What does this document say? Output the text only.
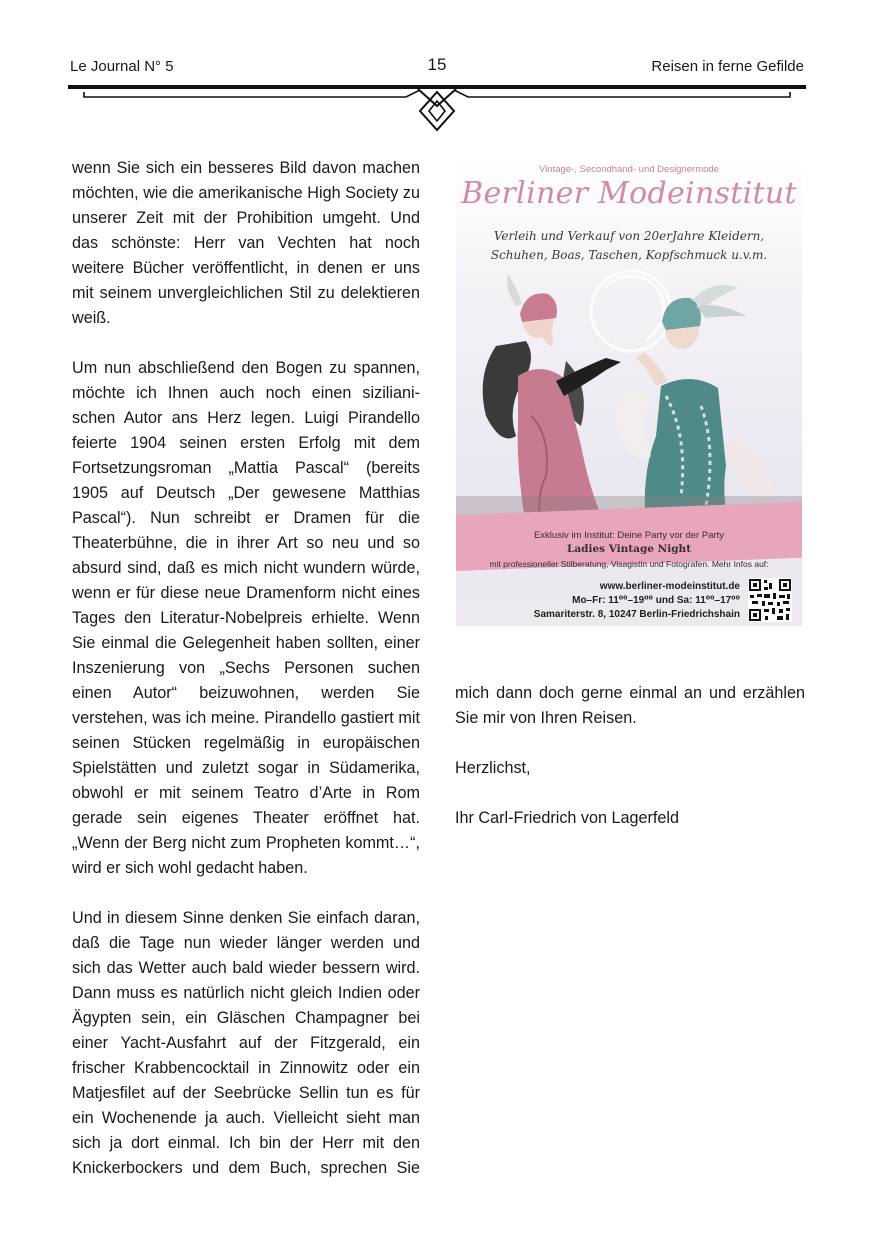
Le Journal N° 5	15	Reisen in ferne Gefilde

wenn Sie sich ein besseres Bild davon machen möchten, wie die amerikanische High Society zu unserer Zeit mit der Prohibition umgeht. Und das schönste: Herr van Vechten hat noch weitere Bücher veröffentlicht, in denen er uns mit seinem unvergleichlichen Stil zu delektieren weiß.

Um nun abschließend den Bogen zu spannen, möchte ich Ihnen auch noch einen siziliani-schen Autor ans Herz legen. Luigi Pirandello feierte 1904 seinen ersten Erfolg mit dem Fortsetzungsroman „Mattia Pascal“ (bereits 1905 auf Deutsch „Der gewesene Matthias Pascal“). Nun schreibt er Dramen für die Theaterbühne, die in ihrer Art so neu und so absurd sind, daß es mich nicht wundern würde, wenn er für diese neue Dramenform nicht eines Tages den Literatur-Nobelpreis erhielte. Wenn Sie einmal die Gelegenheit haben sollten, einer Inszenierung von „Sechs Personen suchen einen Autor“ beizuwohnen, werden Sie verstehen, was ich meine. Pirandello gastiert mit seinen Stücken regelmäßig in europäischen Spielstätten und zuletzt sogar in Südamerika, obwohl er mit seinem Teatro d’Arte in Rom gerade sein eigenes Theater eröffnet hat. „Wenn der Berg nicht zum Propheten kommt…“, wird er sich wohl gedacht haben.

Und in diesem Sinne denken Sie einfach daran, daß die Tage nun wieder länger werden und sich das Wetter auch bald wieder bessern wird. Dann muss es natürlich nicht gleich Indien oder Ägypten sein, ein Gläschen Champagner bei einer Yacht-Ausfahrt auf der Fitzgerald, ein frischer Krabbencocktail in Zinnowitz oder ein Matjesfilet auf der Seebrücke Sellin tun es für ein Wochenende ja auch. Vielleicht sieht man sich ja dort einmal. Ich bin der Herr mit den Knickerbockers und dem Buch, sprechen Sie

Vintage-, Secondhand- und Designermode
Berliner Modeinstitut
Verleih und Verkauf von 20erJahre Kleidern,
Schuhen, Boas, Taschen, Kopfschmuck u.v.m.
Exklusiv im Institut: Deine Party vor der Party
Ladies Vintage Night
mit professioneller Stilberatung, Visagistin und Fotografen. Mehr Infos auf:
www.berliner-modeinstitut.de
Mo–Fr: 11⁰⁰–19⁰⁰ und Sa: 11⁰⁰–17⁰⁰
Samariterstr. 8, 10247 Berlin-Friedrichshain

mich dann doch gerne einmal an und erzählen Sie mir von Ihren Reisen.

Herzlichst,

Ihr Carl-Friedrich von Lagerfeld
